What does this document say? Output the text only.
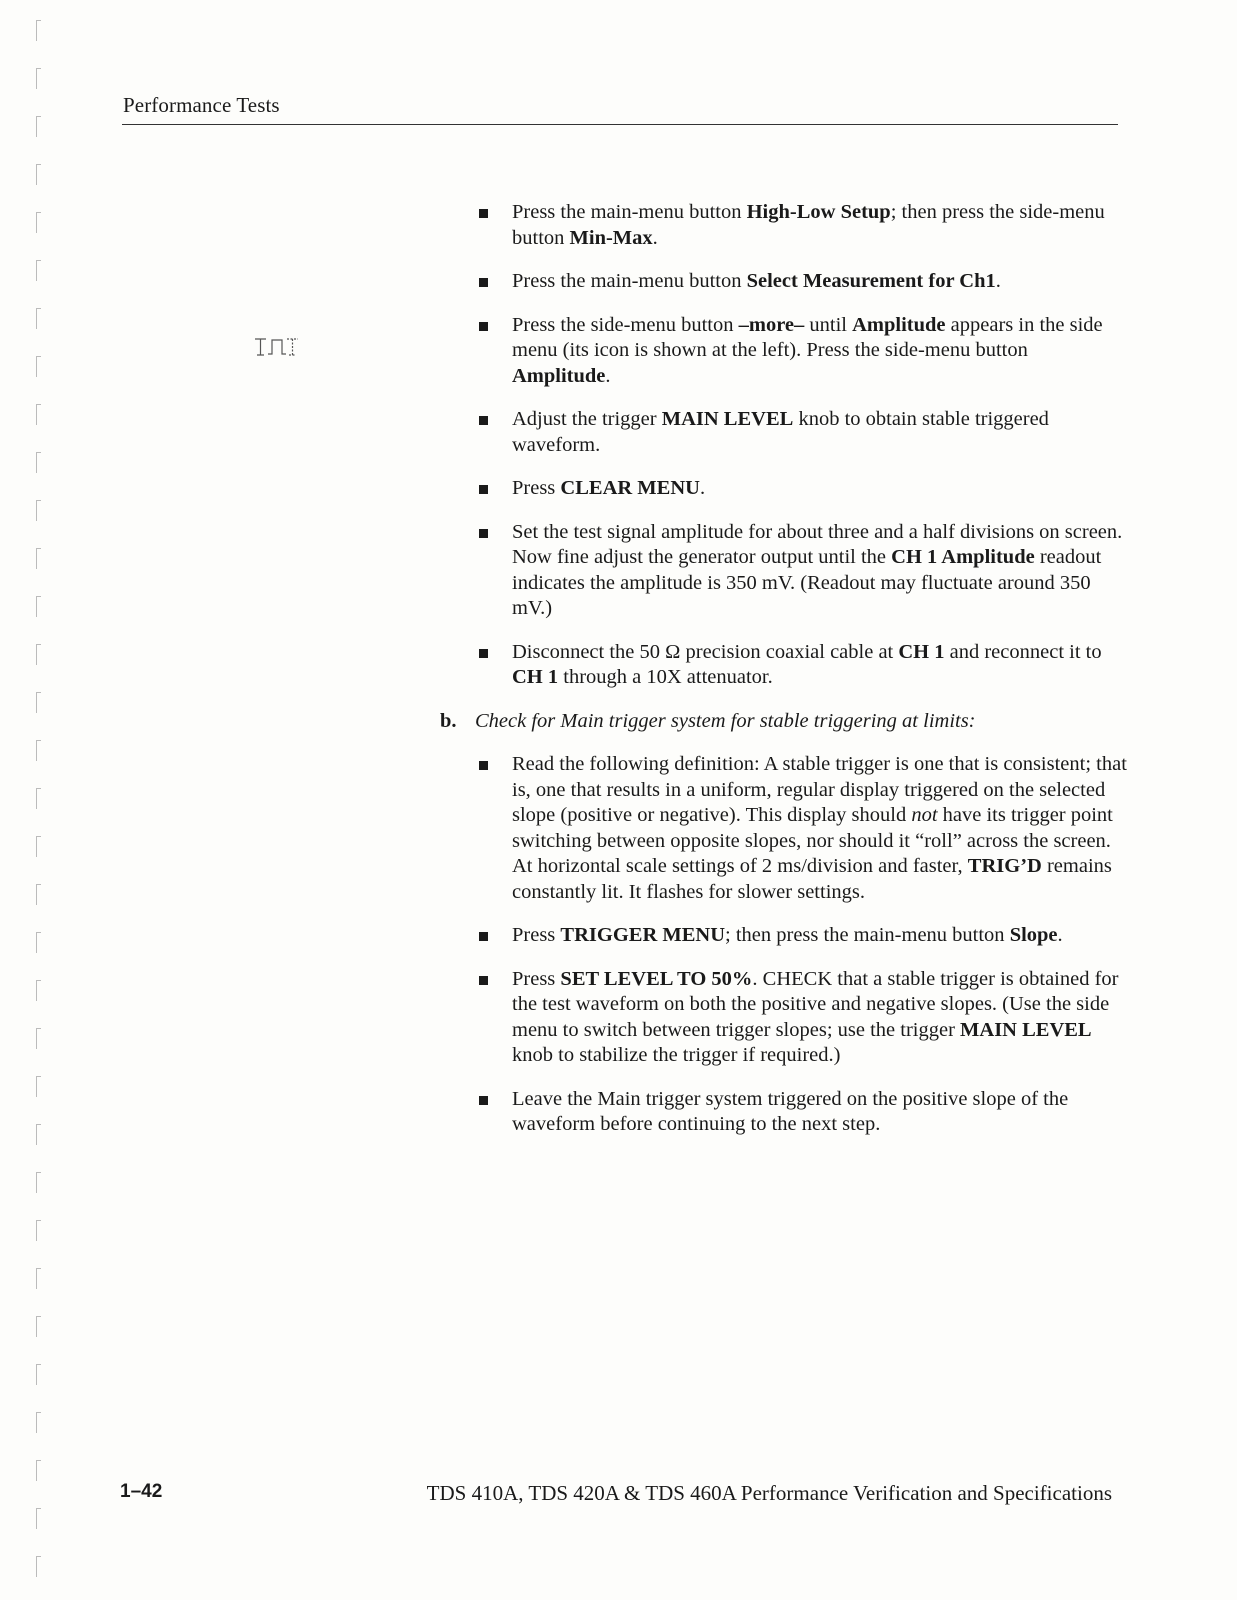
Performance Tests
Press the main-menu button High-Low Setup; then press the side-menu button Min-Max.
Press the main-menu button Select Measurement for Ch1.
Press the side-menu button –more– until Amplitude appears in the side menu (its icon is shown at the left). Press the side-menu button Amplitude.
Adjust the trigger MAIN LEVEL knob to obtain stable triggered waveform.
Press CLEAR MENU.
Set the test signal amplitude for about three and a half divisions on screen. Now fine adjust the generator output until the CH 1 Amplitude readout indicates the amplitude is 350 mV. (Readout may fluctuate around 350 mV.)
Disconnect the 50 Ω precision coaxial cable at CH 1 and reconnect it to CH 1 through a 10X attenuator.
b. Check for Main trigger system for stable triggering at limits:
Read the following definition: A stable trigger is one that is consistent; that is, one that results in a uniform, regular display triggered on the selected slope (positive or negative). This display should not have its trigger point switching between opposite slopes, nor should it “roll” across the screen. At horizontal scale settings of 2 ms/division and faster, TRIG’D remains constantly lit. It flashes for slower settings.
Press TRIGGER MENU; then press the main-menu button Slope.
Press SET LEVEL TO 50%. CHECK that a stable trigger is obtained for the test waveform on both the positive and negative slopes. (Use the side menu to switch between trigger slopes; use the trigger MAIN LEVEL knob to stabilize the trigger if required.)
Leave the Main trigger system triggered on the positive slope of the waveform before continuing to the next step.
1–42	TDS 410A, TDS 420A & TDS 460A Performance Verification and Specifications
